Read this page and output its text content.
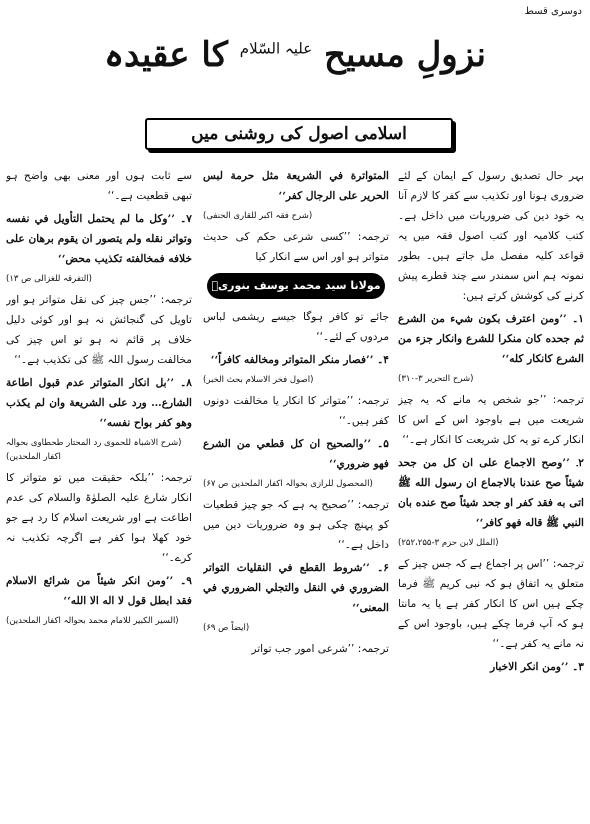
دوسری قسط
نزولِ مسیح $^{علیہ السّلام}$ کا عقیدہ
اسلامی اصول کی روشنی میں

بہر حال تصدیق رسول کے ایمان کے لئے ضروری ہونا اور تکذیب سے کفر کا لازم آنا یہ خود دین کی ضروریات میں داخل ہے۔ کتب کلامیہ اور کتب اصول فقہ میں یہ قواعد کلیہ مفصل مل جاتے ہیں۔ بطور نمونہ ہم اس سمندر سے چند قطرے پیش کرنے کی کوشش کرتے ہیں:

۱۔ ’’ومن اعترف بكون شيء من الشرع ثم جحده كان منكرا للشرع وانكار جزء من الشرع كانكار كله‘‘

(شرح التحریر ۳-۳۱۰)

ترجمہ: ’’جو شخص یہ مانے کہ یہ چیز شریعت میں ہے باوجود اس کے اس کا انکار کرے تو یہ کل شریعت کا انکار ہے۔‘‘

۲۔ ’’وصح الاجماع على ان كل من جحد شيئاً صح عندنا بالاجماع ان رسول الله ﷺ اتى به فقد كفر او جحد شيئاً صح عنده بان النبي ﷺ قاله فهو كافر‘‘

(الملل لابن حزم ۳-۲۵۲،۲۵۵)

ترجمہ: ’’اس پر اجماع ہے کہ جس چیز کے متعلق یہ اتفاق ہو کہ نبی کریم ﷺ فرما چکے ہیں اس کا انکار کفر ہے یا یہ مانتا ہو کہ آپ فرما چکے ہیں، باوجود اس کے نہ مانے یہ کفر ہے۔‘‘

۳۔ ’’ومن انكر الاخبار

المتواترة في الشريعة مثل حرمة لبس الحرير على الرجال كفر‘‘

(شرح فقہ اکبر للقاری الحنفی)

ترجمہ: ’’کسی شرعی حکم کی حدیث متواتر ہو اور اس سے انکار کیا

مولانا سید محمد یوسف بنوریؒ

جائے تو کافر ہوگا جیسے ریشمی لباس مردوں کے لئے۔‘‘

۴۔ ’’فصار منكر المتواتر ومخالفه كافراً‘‘

(اصول فخر الاسلام بحث الخبر)

ترجمہ: ’’متواتر کا انکار یا مخالفت دونوں کفر ہیں۔‘‘

۵۔ ’’والصحيح ان كل قطعي من الشرع فهو ضروري‘‘

(المحصول للرازی بحوالہ اکفار الملحدین ص ۶۷)

ترجمہ: ’’صحیح یہ ہے کہ جو چیز قطعیات کو پہنچ چکی ہو وہ ضروریات دین میں داخل ہے۔‘‘

۶۔ ’’شروط القطع في النقليات التواتر الضروري في النقل والتجلي الضروري في المعنى‘‘

(ایضاً ص ۶۹)

ترجمہ: ’’شرعی امور جب تواتر

سے ثابت ہوں اور معنی بھی واضح ہو تبھی قطعیت ہے۔‘‘

۷۔ ’’وكل ما لم يحتمل التأويل في نفسه وتواتر نقله ولم يتصور ان يقوم برهان على خلافه فمخالفته تكذيب محض‘‘

(التفرقہ للغزالی ص ۱۳)

ترجمہ: ’’جس چیز کی نقل متواتر ہو اور تاویل کی گنجائش نہ ہو اور کوئی دلیل خلاف پر قائم نہ ہو تو اس چیز کی مخالفت رسول اللہ ﷺ کی تکذیب ہے۔‘‘

۸۔ ’’بل انكار المتواتر عدم قبول اطاعة الشارع… ورد على الشريعة وان لم يكذب وهو كفر بواح نفسه‘‘

(شرح الاشباہ للحموی رد المحتار طحطاوی بحوالہ اکفار الملحدین)

ترجمہ: ’’بلکہ حقیقت میں تو متواتر کا انکار شارع علیہ الصلوٰۃ والسلام کی عدم اطاعت ہے اور شریعت اسلام کا رد ہے جو خود کھلا ہوا کفر ہے اگرچہ تکذیب نہ کرے۔‘‘

۹۔ ’’ومن انكر شيئاً من شرائع الاسلام فقد ابطل قول لا اله الا الله‘‘

(السیر الکبیر للامام محمد بحوالہ اکفار الملحدین)
